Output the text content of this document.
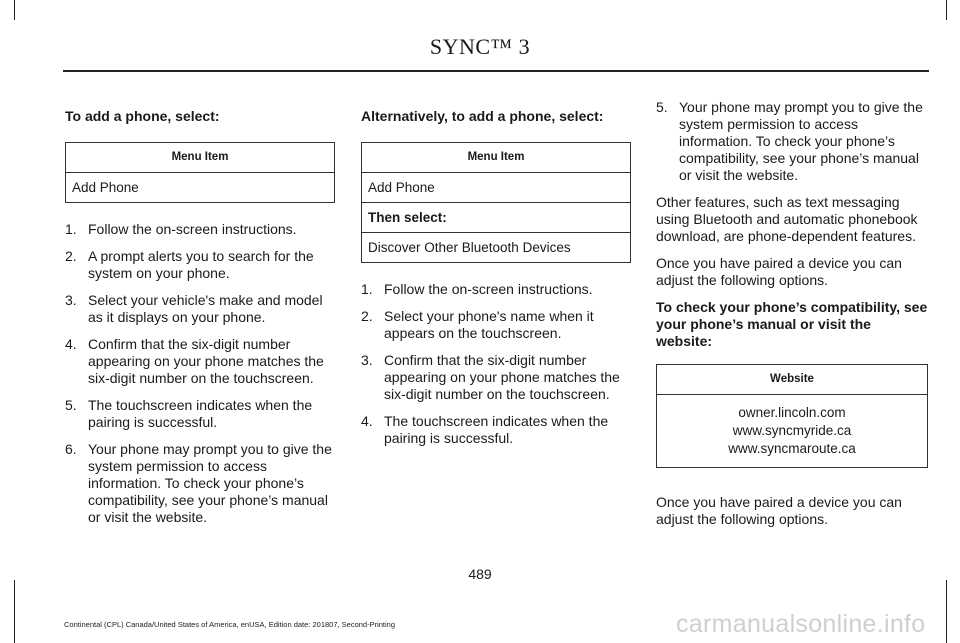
SYNC™ 3

To add a phone, select:

Menu Item
Add Phone
1. Follow the on-screen instructions.
2. A prompt alerts you to search for the system on your phone.
3. Select your vehicle's make and model as it displays on your phone.
4. Confirm that the six-digit number appearing on your phone matches the six-digit number on the touchscreen.
5. The touchscreen indicates when the pairing is successful.
6. Your phone may prompt you to give the system permission to access information. To check your phone’s compatibility, see your phone’s manual or visit the website.

Alternatively, to add a phone, select:

Menu Item
Add Phone
Then select:
Discover Other Bluetooth Devices
1. Follow the on-screen instructions.
2. Select your phone's name when it appears on the touchscreen.
3. Confirm that the six-digit number appearing on your phone matches the six-digit number on the touchscreen.
4. The touchscreen indicates when the pairing is successful.
5. Your phone may prompt you to give the system permission to access information. To check your phone’s compatibility, see your phone’s manual or visit the website.

Other features, such as text messaging using Bluetooth and automatic phonebook download, are phone-dependent features.

Once you have paired a device you can adjust the following options.

To check your phone’s compatibility, see your phone’s manual or visit the website:

Website

owner.lincoln.com
www.syncmyride.ca
www.syncmaroute.ca

Once you have paired a device you can adjust the following options.

489
Continental (CPL) Canada/United States of America, enUSA, Edition date: 201807, Second-Printing	carmanualsonline.info
